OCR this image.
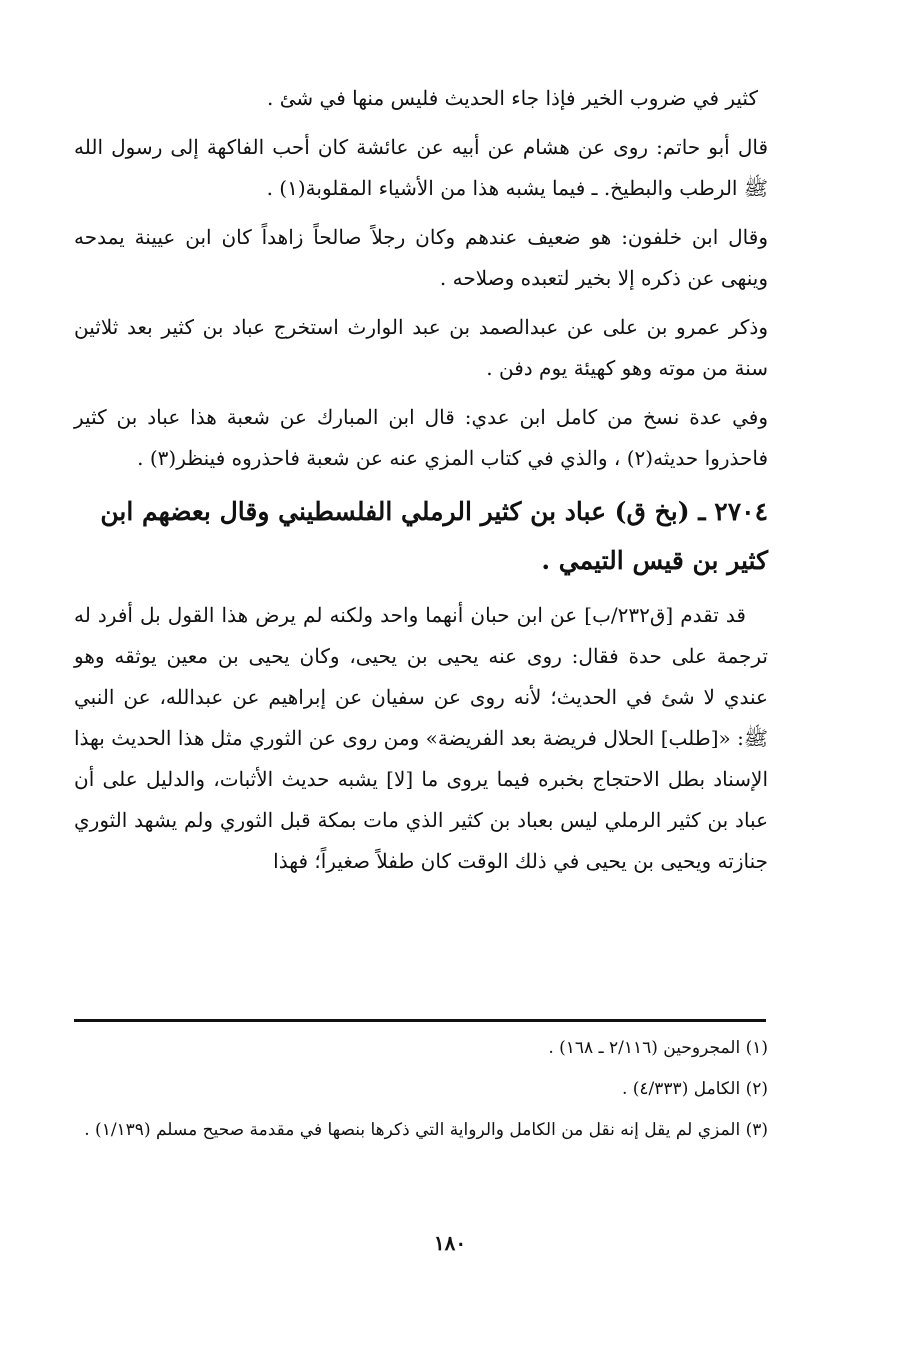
كثير في ضروب الخير فإذا جاء الحديث فليس منها في شئ .

قال أبو حاتم: روى عن هشام عن أبيه عن عائشة كان أحب الفاكهة إلى رسول الله ﷺ الرطب والبطيخ. ـ فيما يشبه هذا من الأشياء المقلوبة(١) .

وقال ابن خلفون: هو ضعيف عندهم وكان رجلاً صالحاً زاهداً كان ابن عيينة يمدحه وينهى عن ذكره إلا بخير لتعبده وصلاحه .

وذكر عمرو بن على عن عبدالصمد بن عبد الوارث استخرج عباد بن كثير بعد ثلاثين سنة من موته وهو كهيئة يوم دفن .

وفي عدة نسخ من كامل ابن عدي: قال ابن المبارك عن شعبة هذا عباد بن كثير فاحذروا حديثه(٢) ، والذي في كتاب المزي عنه عن شعبة فاحذروه فينظر(٣) .

٢٧٠٤ ـ (بخ ق) عباد بن كثير الرملي الفلسطيني وقال بعضهم ابن كثير بن قيس التيمي .

قد تقدم [ق٢٣٢/ب] عن ابن حبان أنهما واحد ولكنه لم يرض هذا القول بل أفرد له ترجمة على حدة فقال: روى عنه يحيى بن يحيى، وكان يحيى بن معين يوثقه وهو عندي لا شئ في الحديث؛ لأنه روى عن سفيان عن إبراهيم عن عبدالله، عن النبي ﷺ: «[طلب] الحلال فريضة بعد الفريضة» ومن روى عن الثوري مثل هذا الحديث بهذا الإسناد بطل الاحتجاج بخبره فيما يروى ما [لا] يشبه حديث الأثبات، والدليل على أن عباد بن كثير الرملي ليس بعباد بن كثير الذي مات بمكة قبل الثوري ولم يشهد الثوري جنازته ويحيى بن يحيى في ذلك الوقت كان طفلاً صغيراً؛ فهذا

(١) المجروحين (٢/١١٦ ـ ١٦٨) .

(٢) الكامل (٤/٣٣٣) .

(٣) المزي لم يقل إنه نقل من الكامل والرواية التي ذكرها بنصها في مقدمة صحيح مسلم (١/١٣٩) .

١٨٠
